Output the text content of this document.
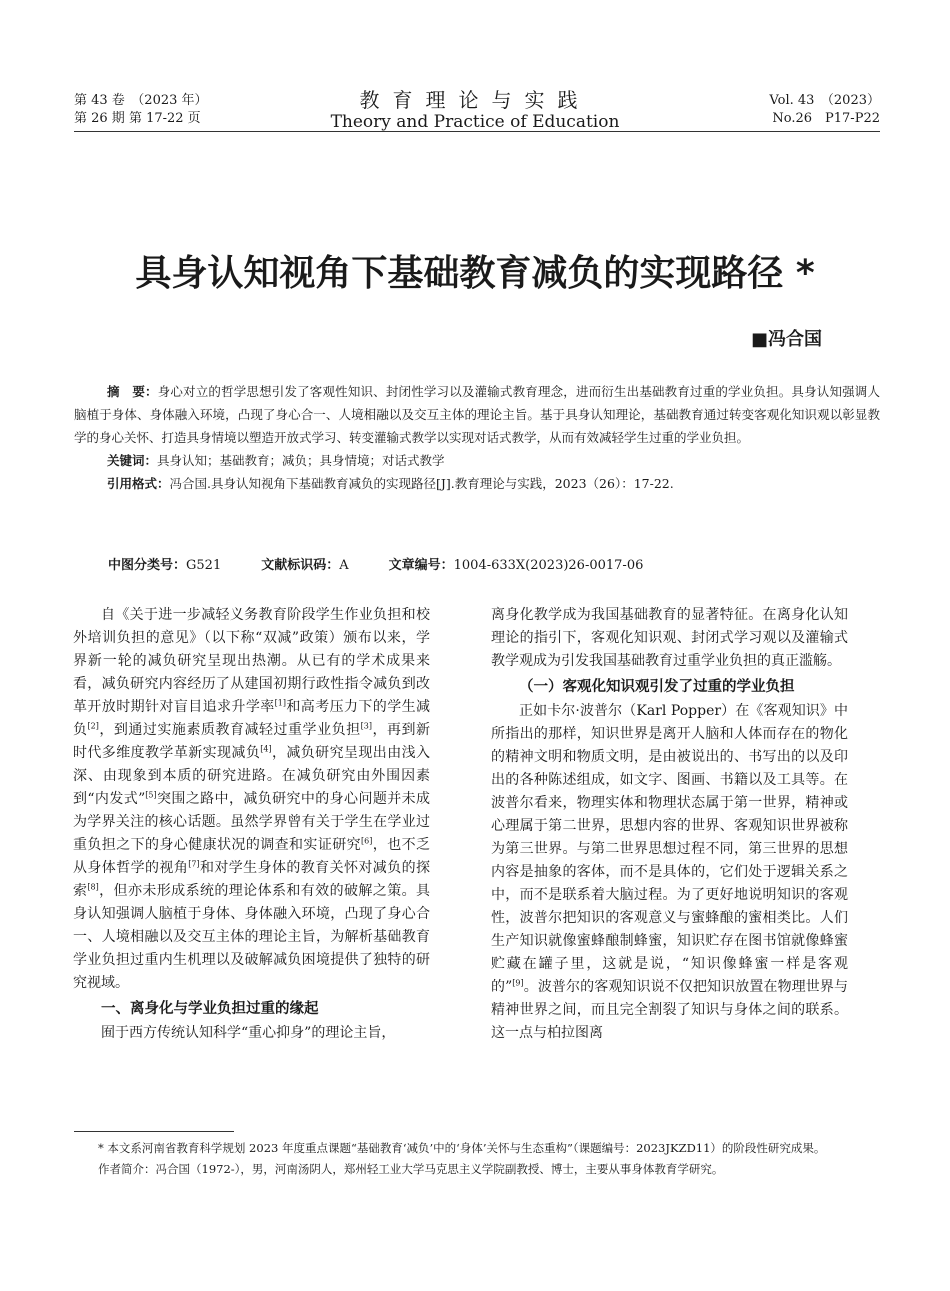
第 43 卷　（2023 年）
第 26 期 第 17-22 页
教育理论与实践
Theory and Practice of Education
Vol. 43　（2023）
No.26　P17-P22
具身认知视角下基础教育减负的实现路径 *
■冯合国

摘　要：身心对立的哲学思想引发了客观性知识、封闭性学习以及灌输式教育理念，进而衍生出基础教育过重的学业负担。具身认知强调人脑植于身体、身体融入环境，凸现了身心合一、人境相融以及交互主体的理论主旨。基于具身认知理论，基础教育通过转变客观化知识观以彰显教学的身心关怀、打造具身情境以塑造开放式学习、转变灌输式教学以实现对话式教学，从而有效减轻学生过重的学业负担。

关键词：具身认知；基础教育；减负；具身情境；对话式教学

引用格式：冯合国.具身认知视角下基础教育减负的实现路径[J].教育理论与实践，2023（26）：17-22.

中图分类号：G521	文献标识码：A	文章编号：1004-633X(2023)26-0017-06

自《关于进一步减轻义务教育阶段学生作业负担和校外培训负担的意见》（以下称“双减”政策）颁布以来，学界新一轮的减负研究呈现出热潮。从已有的学术成果来看，减负研究内容经历了从建国初期行政性指令减负到改革开放时期针对盲目追求升学率[1]和高考压力下的学生减负[2]，到通过实施素质教育减轻过重学业负担[3]，再到新时代多维度教学革新实现减负[4]，减负研究呈现出由浅入深、由现象到本质的研究进路。在减负研究由外围因素到“内发式”[5]突围之路中，减负研究中的身心问题并未成为学界关注的核心话题。虽然学界曾有关于学生在学业过重负担之下的身心健康状况的调查和实证研究[6]，也不乏从身体哲学的视角[7]和对学生身体的教育关怀对减负的探索[8]，但亦未形成系统的理论体系和有效的破解之策。具身认知强调人脑植于身体、身体融入环境，凸现了身心合一、人境相融以及交互主体的理论主旨，为解析基础教育学业负担过重内生机理以及破解减负困境提供了独特的研究视域。

一、离身化与学业负担过重的缘起

囿于西方传统认知科学“重心抑身”的理论主旨，

离身化教学成为我国基础教育的显著特征。在离身化认知理论的指引下，客观化知识观、封闭式学习观以及灌输式教学观成为引发我国基础教育过重学业负担的真正滥觞。

（一）客观化知识观引发了过重的学业负担

正如卡尔·波普尔（Karl Popper）在《客观知识》中所指出的那样，知识世界是离开人脑和人体而存在的物化的精神文明和物质文明，是由被说出的、书写出的以及印出的各种陈述组成，如文字、图画、书籍以及工具等。在波普尔看来，物理实体和物理状态属于第一世界，精神或心理属于第二世界，思想内容的世界、客观知识世界被称为第三世界。与第二世界思想过程不同，第三世界的思想内容是抽象的客体，而不是具体的，它们处于逻辑关系之中，而不是联系着大脑过程。为了更好地说明知识的客观性，波普尔把知识的客观意义与蜜蜂酿的蜜相类比。人们生产知识就像蜜蜂酿制蜂蜜，知识贮存在图书馆就像蜂蜜贮藏在罐子里，这就是说，“知识像蜂蜜一样是客观的”[9]。波普尔的客观知识说不仅把知识放置在物理世界与精神世界之间，而且完全割裂了知识与身体之间的联系。这一点与柏拉图离

* 本文系河南省教育科学规划 2023 年度重点课题“基础教育‘减负’中的‘身体’关怀与生态重构”（课题编号：2023JKZD11）的阶段性研究成果。

作者简介：冯合国（1972-），男，河南汤阴人，郑州轻工业大学马克思主义学院副教授、博士，主要从事身体教育学研究。
